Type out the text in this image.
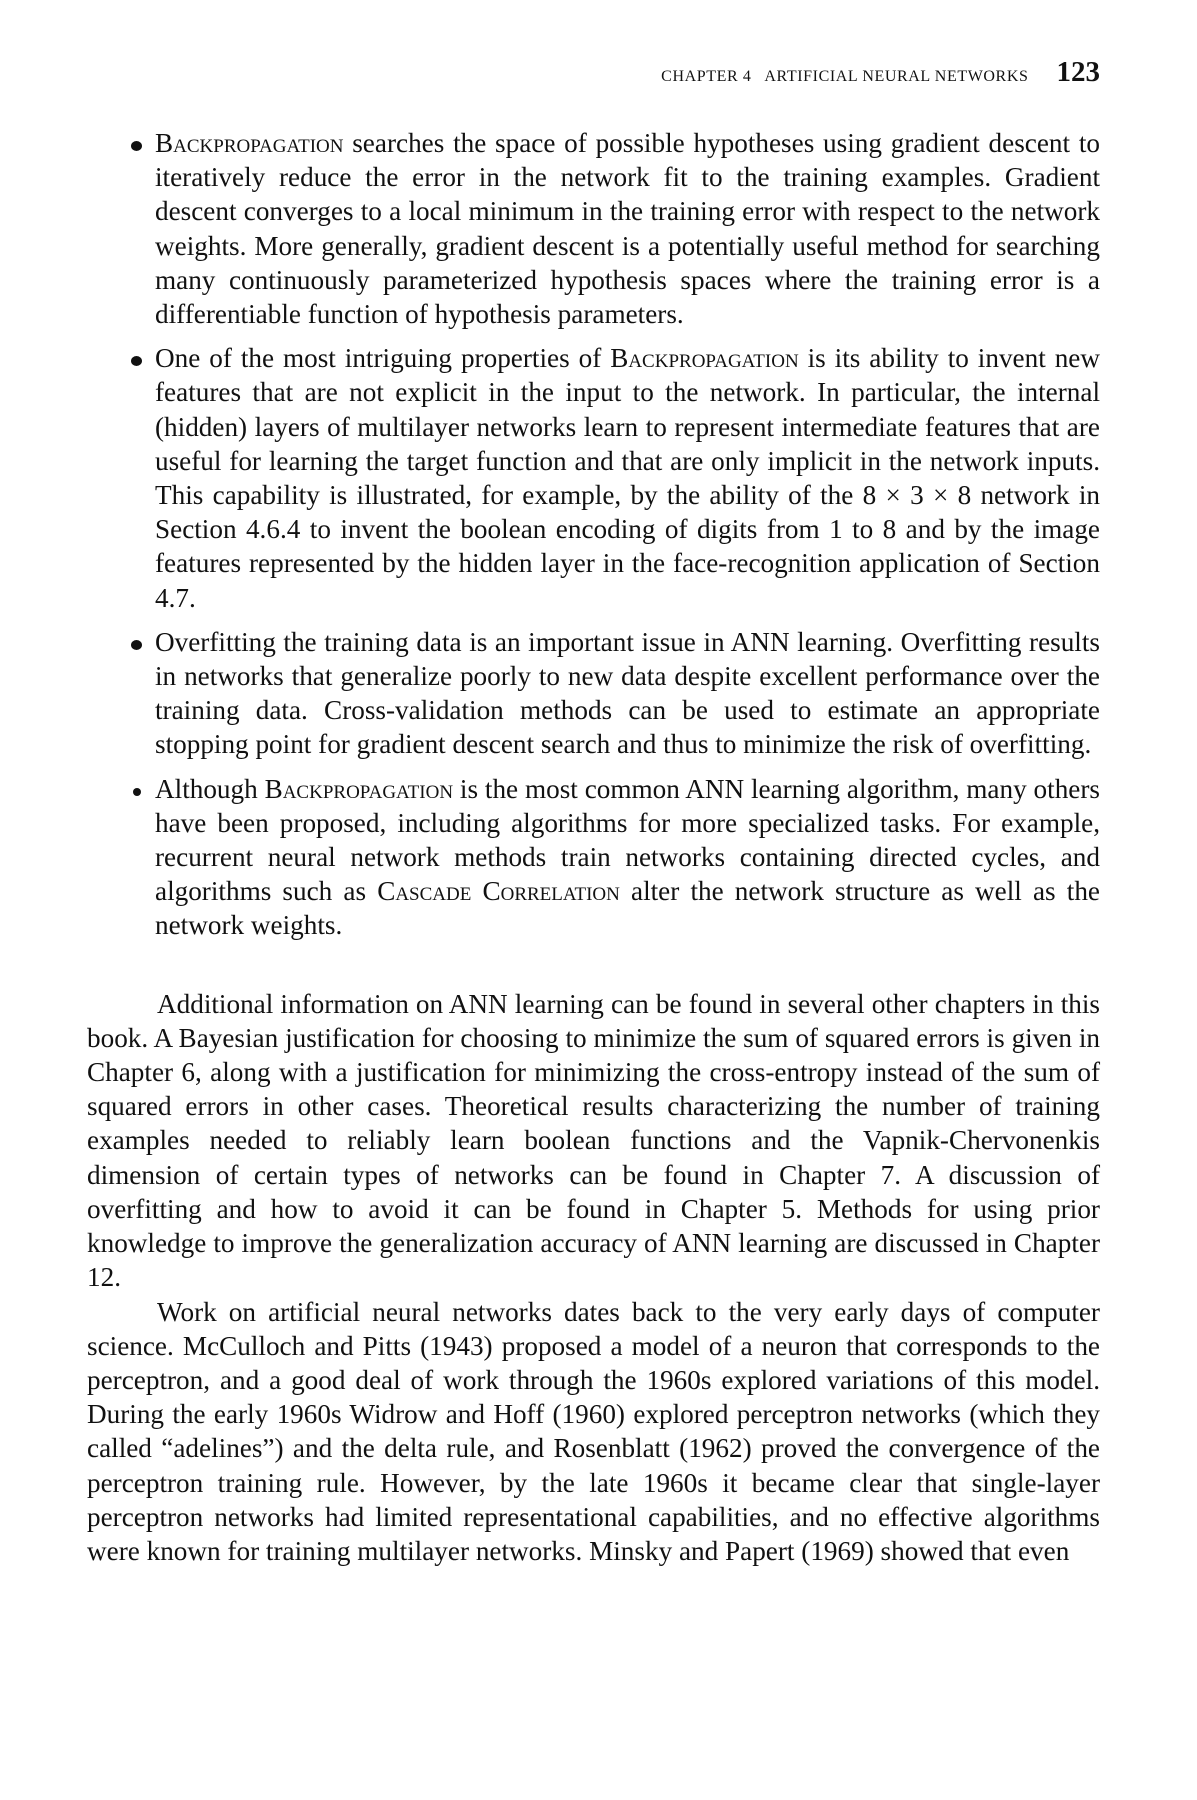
CHAPTER 4   ARTIFICIAL NEURAL NETWORKS 123
Backpropagation searches the space of possible hypotheses using gradient descent to iteratively reduce the error in the network fit to the training examples. Gradient descent converges to a local minimum in the training error with respect to the network weights. More generally, gradient descent is a potentially useful method for searching many continuously parameterized hypothesis spaces where the training error is a differentiable function of hypothesis parameters.
One of the most intriguing properties of Backpropagation is its ability to invent new features that are not explicit in the input to the network. In particular, the internal (hidden) layers of multilayer networks learn to represent intermediate features that are useful for learning the target function and that are only implicit in the network inputs. This capability is illustrated, for example, by the ability of the 8 × 3 × 8 network in Section 4.6.4 to invent the boolean encoding of digits from 1 to 8 and by the image features represented by the hidden layer in the face-recognition application of Section 4.7.
Overfitting the training data is an important issue in ANN learning. Overfitting results in networks that generalize poorly to new data despite excellent performance over the training data. Cross-validation methods can be used to estimate an appropriate stopping point for gradient descent search and thus to minimize the risk of overfitting.
Although Backpropagation is the most common ANN learning algorithm, many others have been proposed, including algorithms for more specialized tasks. For example, recurrent neural network methods train networks containing directed cycles, and algorithms such as Cascade Correlation alter the network structure as well as the network weights.

Additional information on ANN learning can be found in several other chapters in this book. A Bayesian justification for choosing to minimize the sum of squared errors is given in Chapter 6, along with a justification for minimizing the cross-entropy instead of the sum of squared errors in other cases. Theoretical results characterizing the number of training examples needed to reliably learn boolean functions and the Vapnik-Chervonenkis dimension of certain types of networks can be found in Chapter 7. A discussion of overfitting and how to avoid it can be found in Chapter 5. Methods for using prior knowledge to improve the generalization accuracy of ANN learning are discussed in Chapter 12.

Work on artificial neural networks dates back to the very early days of computer science. McCulloch and Pitts (1943) proposed a model of a neuron that corresponds to the perceptron, and a good deal of work through the 1960s explored variations of this model. During the early 1960s Widrow and Hoff (1960) explored perceptron networks (which they called “adelines”) and the delta rule, and Rosenblatt (1962) proved the convergence of the perceptron training rule. However, by the late 1960s it became clear that single-layer perceptron networks had limited representational capabilities, and no effective algorithms were known for training multilayer networks. Minsky and Papert (1969) showed that even
